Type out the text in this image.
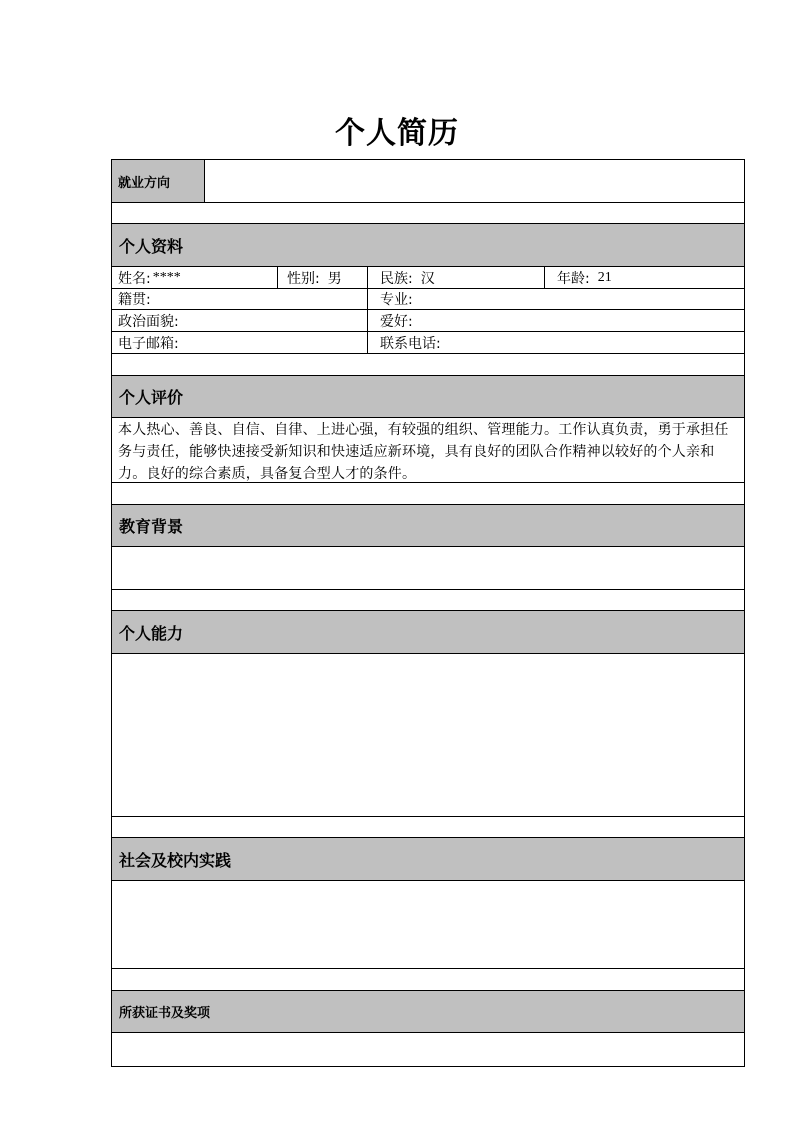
个人简历
就业方向
个人资料
姓名: ****	性别: 男	民族: 汉	年龄: 21
籍贯:	专业:
政治面貌:	爱好:
电子邮箱:	联系电话:
个人评价
本人热心、善良、自信、自律、上进心强，有较强的组织、管理能力。工作认真负责，勇于承担任务与责任，能够快速接受新知识和快速适应新环境，具有良好的团队合作精神以较好的个人亲和力。良好的综合素质，具备复合型人才的条件。
教育背景
个人能力
社会及校内实践
所获证书及奖项
